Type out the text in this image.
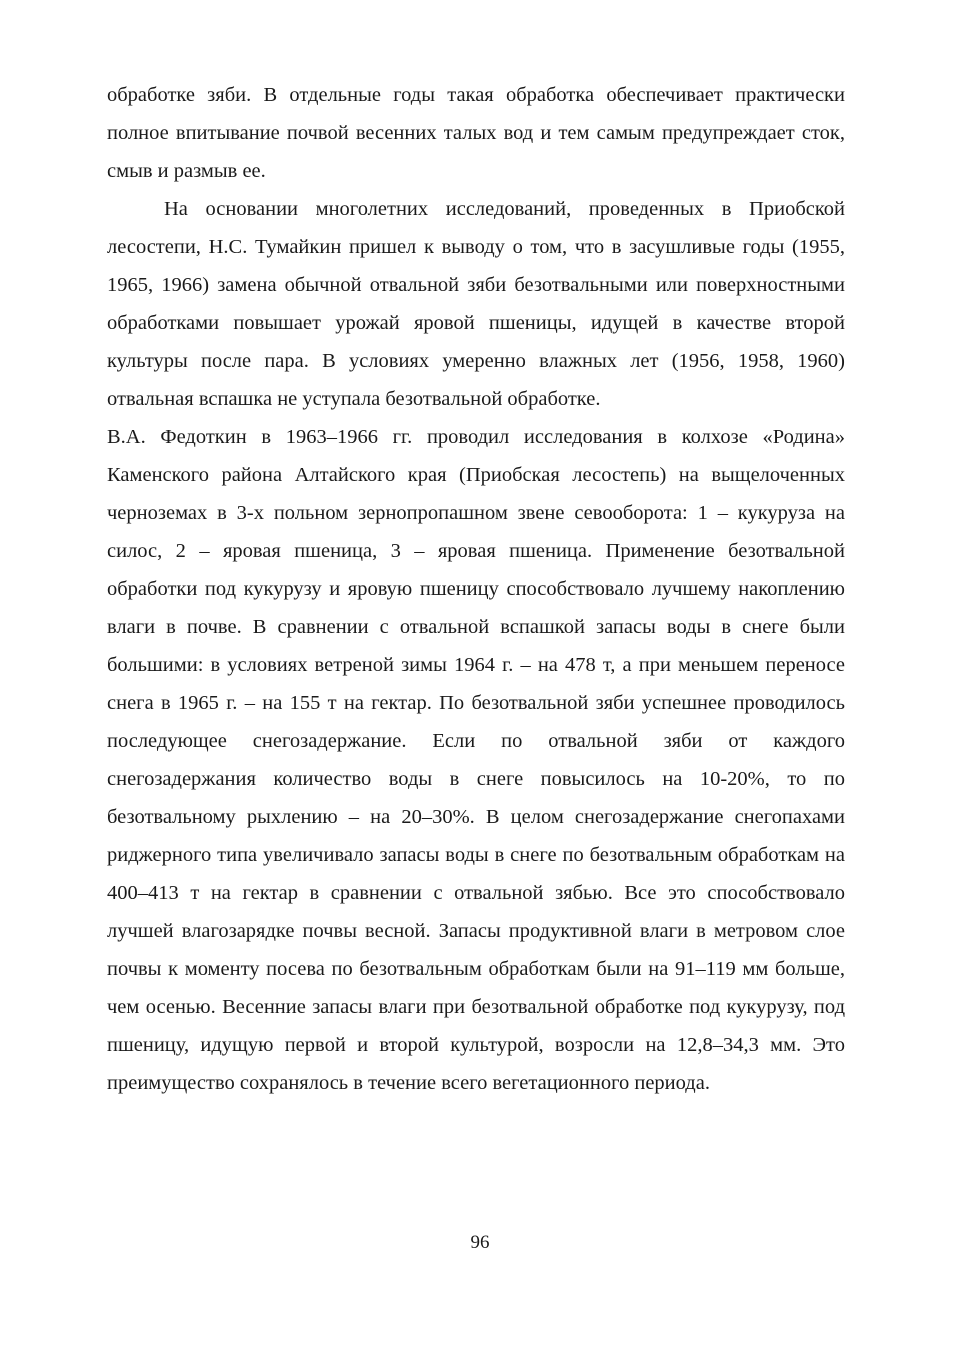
обработке зяби. В отдельные годы такая обработка обеспечивает практически полное впитывание почвой весенних талых вод и тем самым предупреждает сток, смыв и размыв ее.

На основании многолетних исследований, проведенных в Приобской лесостепи, Н.С. Тумайкин пришел к выводу о том, что в засушливые годы (1955, 1965, 1966) замена обычной отвальной зяби безотвальными или поверхностными обработками повышает урожай яровой пшеницы, идущей в качестве второй культуры после пара. В условиях умеренно влажных лет (1956, 1958, 1960) отвальная вспашка не уступала безотвальной обработке.

В.А. Федоткин в 1963–1966 гг. проводил исследования в колхозе «Родина» Каменского района Алтайского края (Приобская лесостепь) на выщелоченных черноземах в 3-х польном зернопропашном звене севооборота: 1 – кукуруза на силос, 2 – яровая пшеница, 3 – яровая пшеница. Применение безотвальной обработки под кукурузу и яровую пшеницу способствовало лучшему накоплению влаги в почве. В сравнении с отвальной вспашкой запасы воды в снеге были большими: в условиях ветреной зимы 1964 г. – на 478 т, а при меньшем переносе снега в 1965 г. – на 155 т на гектар. По безотвальной зяби успешнее проводилось последующее снегозадержание. Если по отвальной зяби от каждого снегозадержания количество воды в снеге повысилось на 10-20%, то по безотвальному рыхлению – на 20–30%. В целом снегозадержание снегопахами риджерного типа увеличивало запасы воды в снеге по безотвальным обработкам на 400–413 т на гектар в сравнении с отвальной зябью. Все это способствовало лучшей влагозарядке почвы весной. Запасы продуктивной влаги в метровом слое почвы к моменту посева по безотвальным обработкам были на 91–119 мм больше, чем осенью. Весенние запасы влаги при безотвальной обработке под кукурузу, под пшеницу, идущую первой и второй культурой, возросли на 12,8–34,3 мм. Это преимущество сохранялось в течение всего вегетационного периода.

96
